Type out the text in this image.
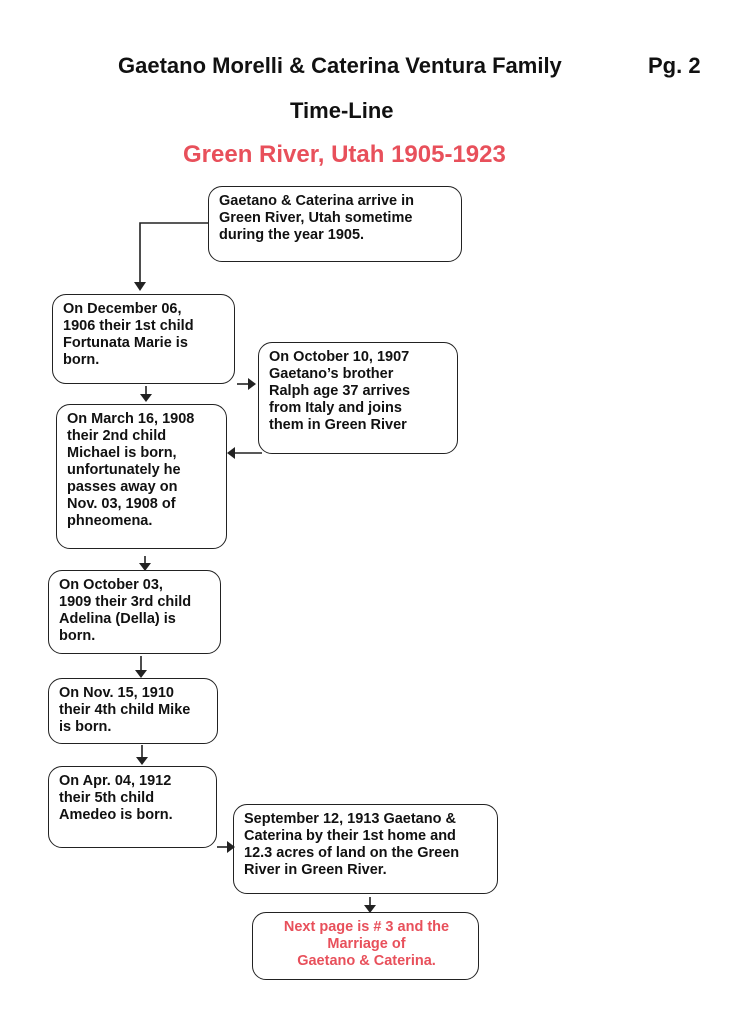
Gaetano Morelli & Caterina Ventura Family	Pg. 2
Time-Line
Green River, Utah 1905-1923
Gaetano & Caterina arrive in
Green River, Utah sometime
during the year 1905.
On December 06,
1906 their 1st child
Fortunata Marie is
born.	On October 10, 1907
Gaetano’s brother
Ralph age 37 arrives
from Italy and joins
them in Green River
On March 16, 1908
their 2nd child
Michael is born,
unfortunately he
passes away on
Nov. 03, 1908 of
phneomena.
On October 03,
1909 their 3rd child
Adelina (Della) is
born.
On Nov. 15, 1910
their 4th child Mike
is born.
On Apr. 04, 1912
their 5th child
Amedeo is born.	September 12, 1913 Gaetano &
Caterina by their 1st home and
12.3 acres of land on the Green
River in Green River.
Next page is # 3 and the
Marriage of
Gaetano & Caterina.
